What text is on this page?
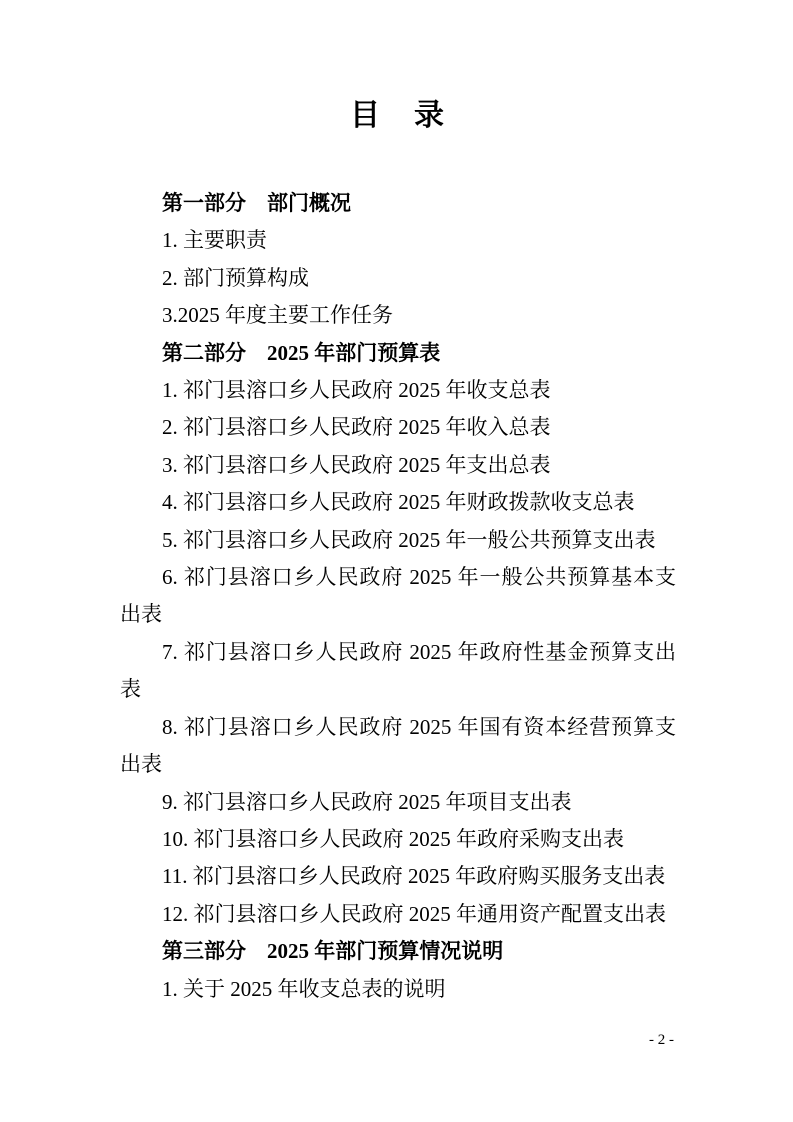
目　录

第一部分　部门概况

1. 主要职责

2. 部门预算构成

3.2025 年度主要工作任务

第二部分　2025 年部门预算表

1. 祁门县溶口乡人民政府 2025 年收支总表

2. 祁门县溶口乡人民政府 2025 年收入总表

3. 祁门县溶口乡人民政府 2025 年支出总表

4. 祁门县溶口乡人民政府 2025 年财政拨款收支总表

5. 祁门县溶口乡人民政府 2025 年一般公共预算支出表

6. 祁门县溶口乡人民政府 2025 年一般公共预算基本支出表

7. 祁门县溶口乡人民政府 2025 年政府性基金预算支出表

8. 祁门县溶口乡人民政府 2025 年国有资本经营预算支出表

9. 祁门县溶口乡人民政府 2025 年项目支出表

10. 祁门县溶口乡人民政府 2025 年政府采购支出表

11. 祁门县溶口乡人民政府 2025 年政府购买服务支出表

12. 祁门县溶口乡人民政府 2025 年通用资产配置支出表

第三部分　2025 年部门预算情况说明

1. 关于 2025 年收支总表的说明

- 2 -
